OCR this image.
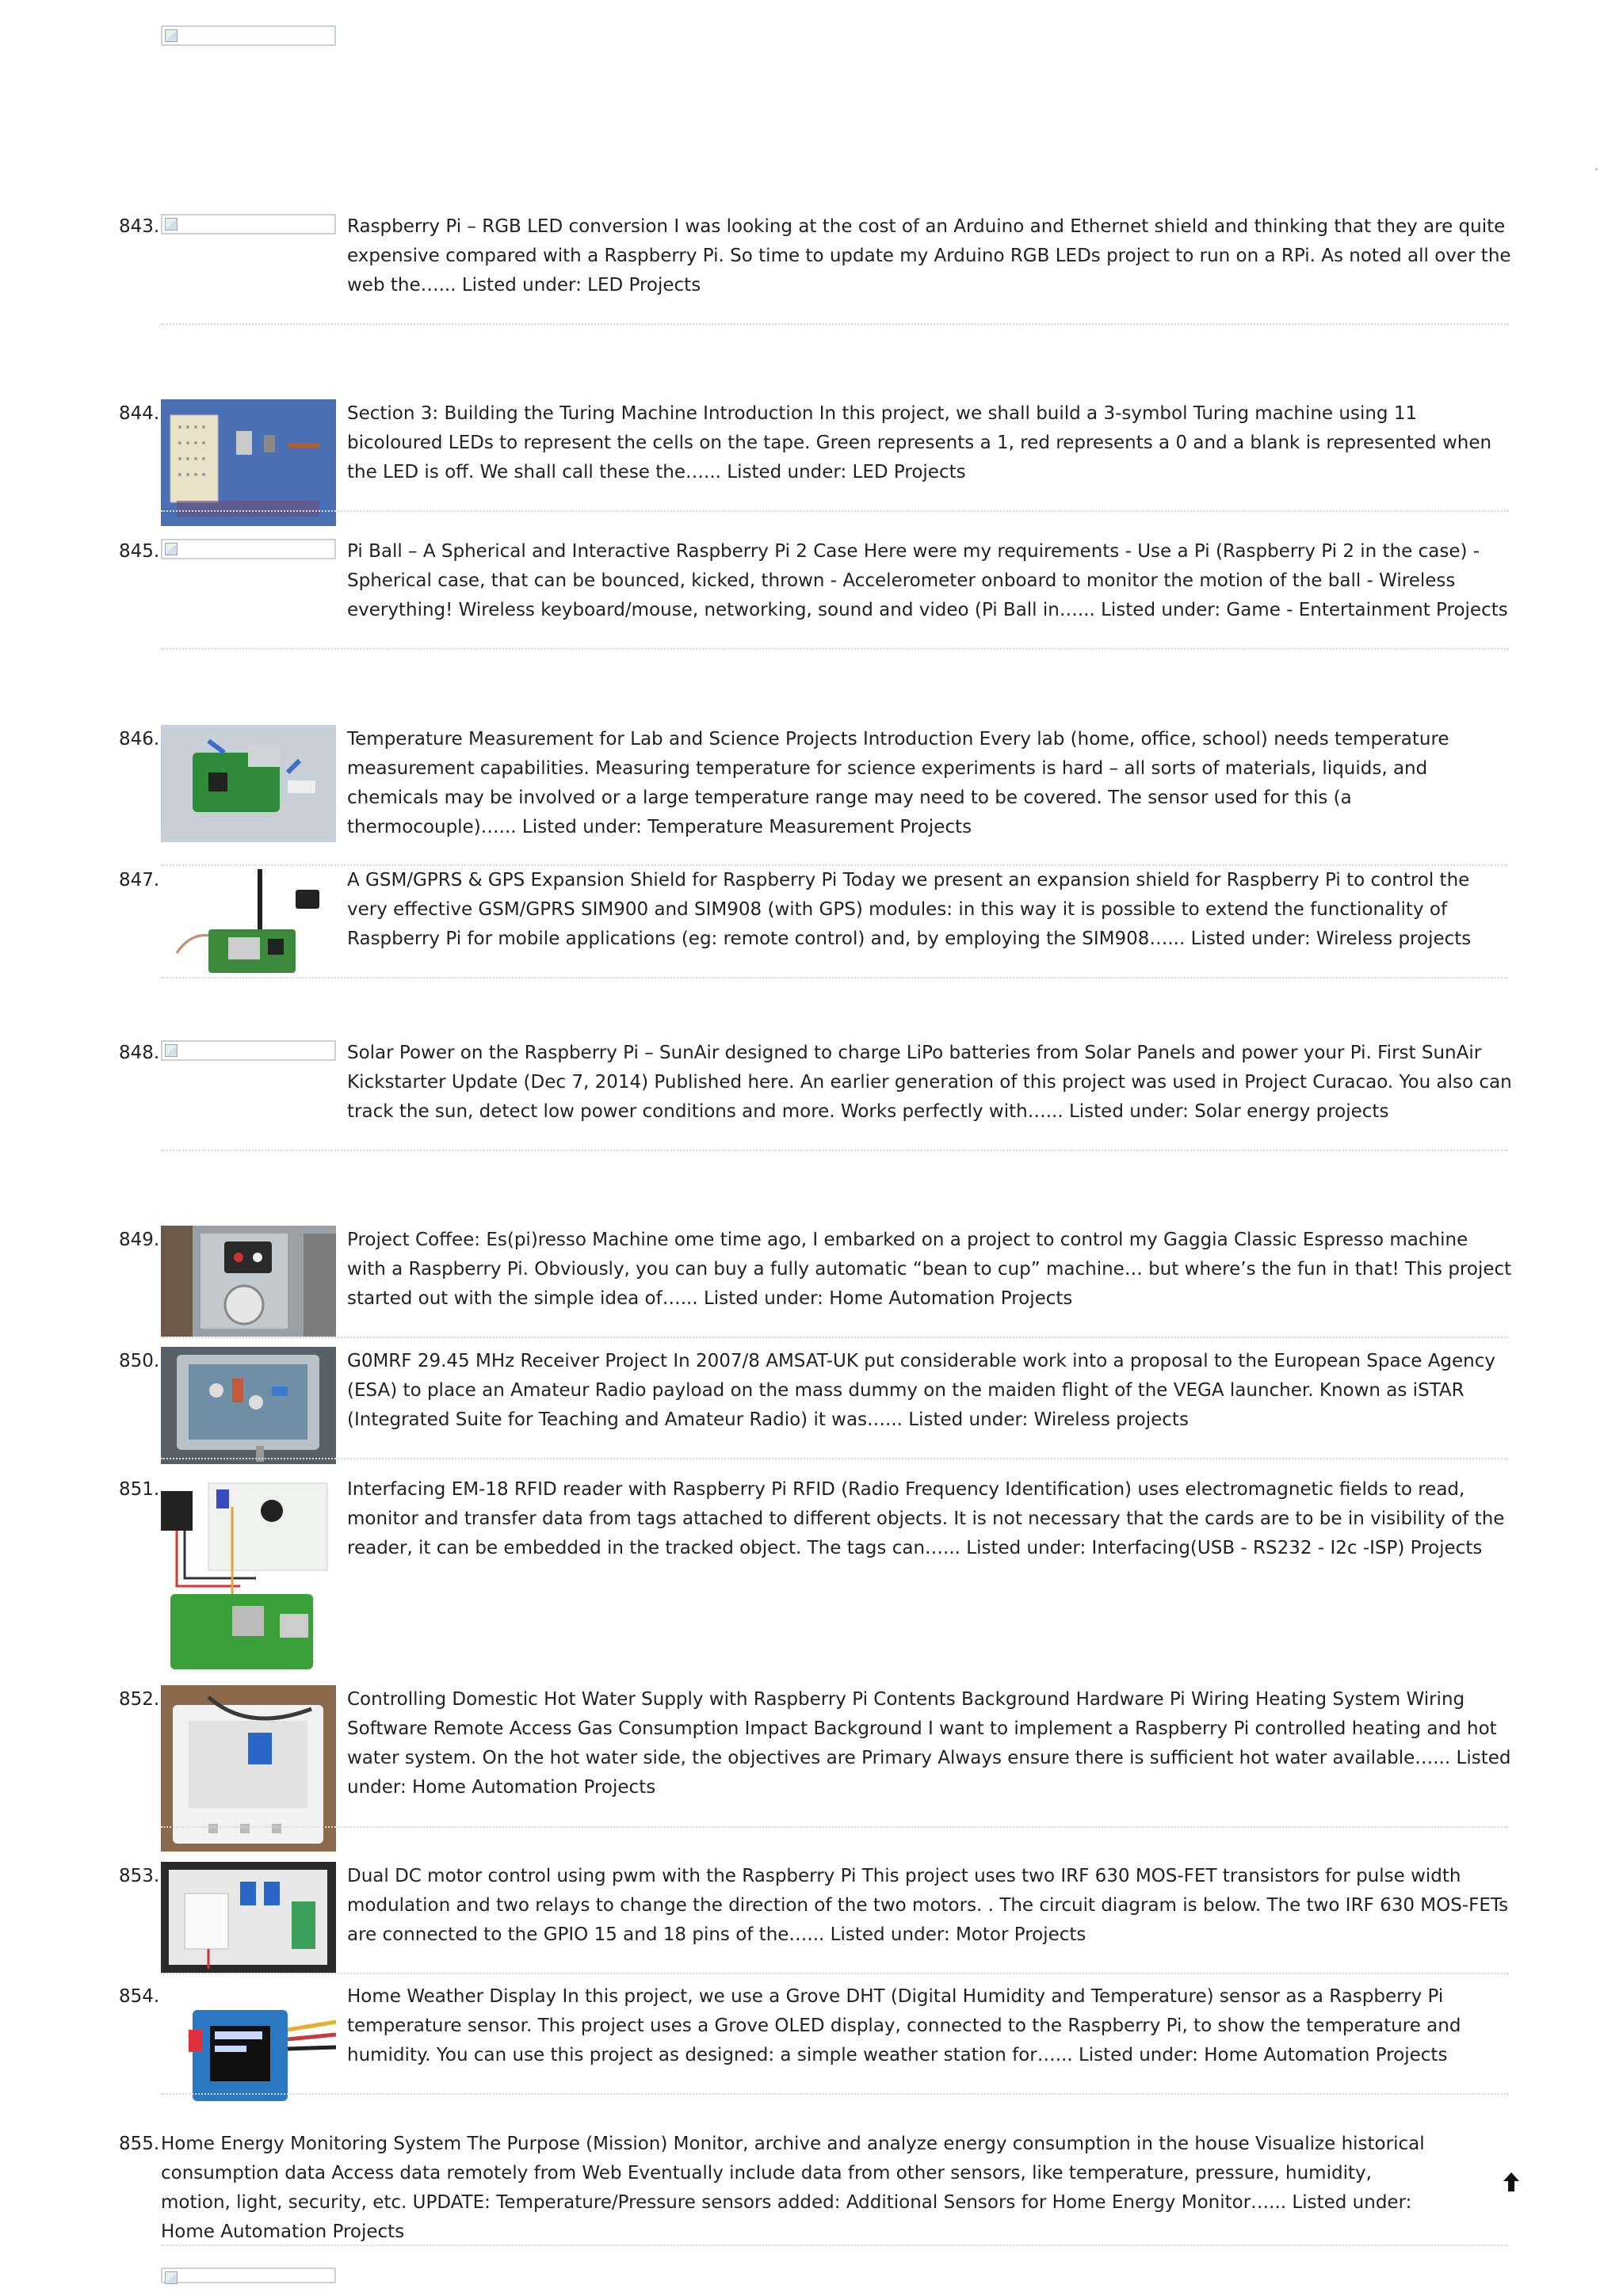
843.	Raspberry Pi – RGB LED conversion I was looking at the cost of an Arduino and Ethernet shield and thinking that they are quite expensive compared with a Raspberry Pi. So time to update my Arduino RGB LEDs project to run on a RPi. As noted all over the web the…... Listed under: LED Projects
844.	Section 3: Building the Turing Machine Introduction In this project, we shall build a 3-symbol Turing machine using 11 bicoloured LEDs to represent the cells on the tape. Green represents a 1, red represents a 0 and a blank is represented when the LED is off. We shall call these the…... Listed under: LED Projects
845.	Pi Ball – A Spherical and Interactive Raspberry Pi 2 Case Here were my requirements - Use a Pi (Raspberry Pi 2 in the case) - Spherical case, that can be bounced, kicked, thrown - Accelerometer onboard to monitor the motion of the ball - Wireless everything! Wireless keyboard/mouse, networking, sound and video (Pi Ball in…... Listed under: Game - Entertainment Projects
846.	Temperature Measurement for Lab and Science Projects Introduction Every lab (home, office, school) needs temperature measurement capabilities. Measuring temperature for science experiments is hard – all sorts of materials, liquids, and chemicals may be involved or a large temperature range may need to be covered. The sensor used for this (a thermocouple)…... Listed under: Temperature Measurement Projects
847.	A GSM/GPRS & GPS Expansion Shield for Raspberry Pi Today we present an expansion shield for Raspberry Pi to control the very effective GSM/GPRS SIM900 and SIM908 (with GPS) modules: in this way it is possible to extend the functionality of Raspberry Pi for mobile applications (eg: remote control) and, by employing the SIM908…... Listed under: Wireless projects
848.	Solar Power on the Raspberry Pi – SunAir designed to charge LiPo batteries from Solar Panels and power your Pi. First SunAir Kickstarter Update (Dec 7, 2014) Published here. An earlier generation of this project was used in Project Curacao. You also can track the sun, detect low power conditions and more. Works perfectly with…... Listed under: Solar energy projects
849.	Project Coffee: Es(pi)resso Machine ome time ago, I embarked on a project to control my Gaggia Classic Espresso machine with a Raspberry Pi. Obviously, you can buy a fully automatic “bean to cup” machine… but where’s the fun in that! This project started out with the simple idea of…... Listed under: Home Automation Projects
850.	G0MRF 29.45 MHz Receiver Project In 2007/8 AMSAT-UK put considerable work into a proposal to the European Space Agency (ESA) to place an Amateur Radio payload on the mass dummy on the maiden flight of the VEGA launcher. Known as iSTAR (Integrated Suite for Teaching and Amateur Radio) it was…... Listed under: Wireless projects
851.	Interfacing EM-18 RFID reader with Raspberry Pi RFID (Radio Frequency Identification) uses electromagnetic fields to read, monitor and transfer data from tags attached to different objects. It is not necessary that the cards are to be in visibility of the reader, it can be embedded in the tracked object. The tags can…... Listed under: Interfacing(USB - RS232 - I2c -ISP) Projects
852.	Controlling Domestic Hot Water Supply with Raspberry Pi Contents Background Hardware Pi Wiring Heating System Wiring Software Remote Access Gas Consumption Impact Background I want to implement a Raspberry Pi controlled heating and hot water system. On the hot water side, the objectives are Primary Always ensure there is sufficient hot water available…... Listed under: Home Automation Projects
853.	Dual DC motor control using pwm with the Raspberry Pi This project uses two IRF 630 MOS-FET transistors for pulse width modulation and two relays to change the direction of the two motors. . The circuit diagram is below. The two IRF 630 MOS-FETs are connected to the GPIO 15 and 18 pins of the…... Listed under: Motor Projects
854.	Home Weather Display In this project, we use a Grove DHT (Digital Humidity and Temperature) sensor as a Raspberry Pi temperature sensor. This project uses a Grove OLED display, connected to the Raspberry Pi, to show the temperature and humidity. You can use this project as designed: a simple weather station for…... Listed under: Home Automation Projects
855. Home Energy Monitoring System The Purpose (Mission) Monitor, archive and analyze energy consumption in the house Visualize historical consumption data Access data remotely from Web Eventually include data from other sensors, like temperature, pressure, humidity, motion, light, security, etc. UPDATE: Temperature/Pressure sensors added: Additional Sensors for Home Energy Monitor…... Listed under: Home Automation Projects
